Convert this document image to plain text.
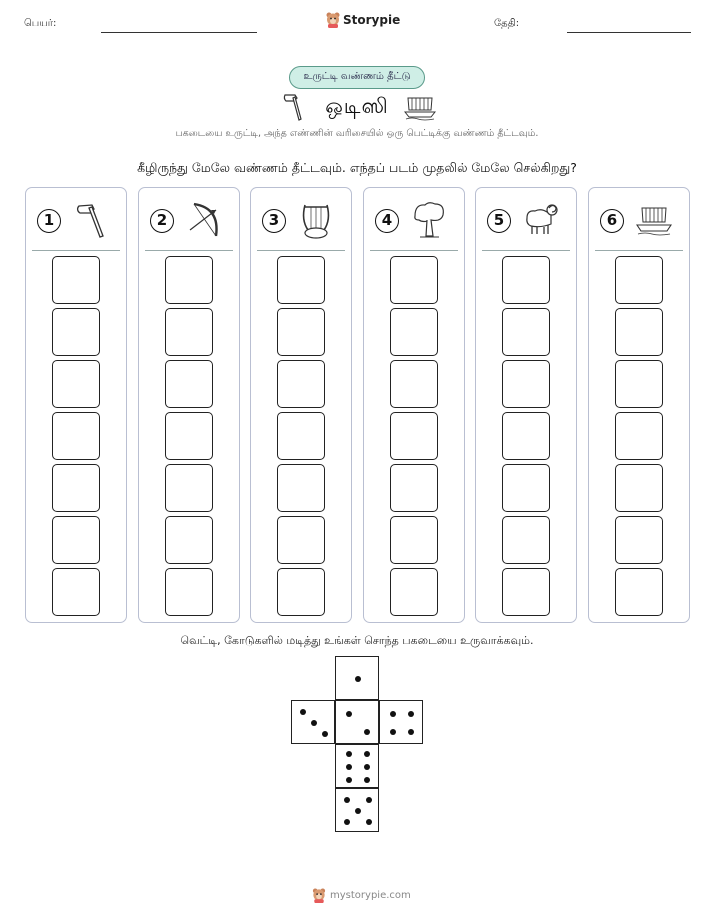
பெயர்:	Storypie	தேதி:
உருட்டி வண்ணம் தீட்டு
ஒடிஸி
பகடையை உருட்டி, அந்த எண்ணின் வரிசையில் ஒரு பெட்டிக்கு வண்ணம் தீட்டவும்.
கீழிருந்து மேலே வண்ணம் தீட்டவும். எந்தப் படம் முதலில் மேலே செல்கிறது?
1	2	3	4	5	6
வெட்டி, கோடுகளில் மடித்து உங்கள் சொந்த பகடையை உருவாக்கவும்.
mystorypie.com
